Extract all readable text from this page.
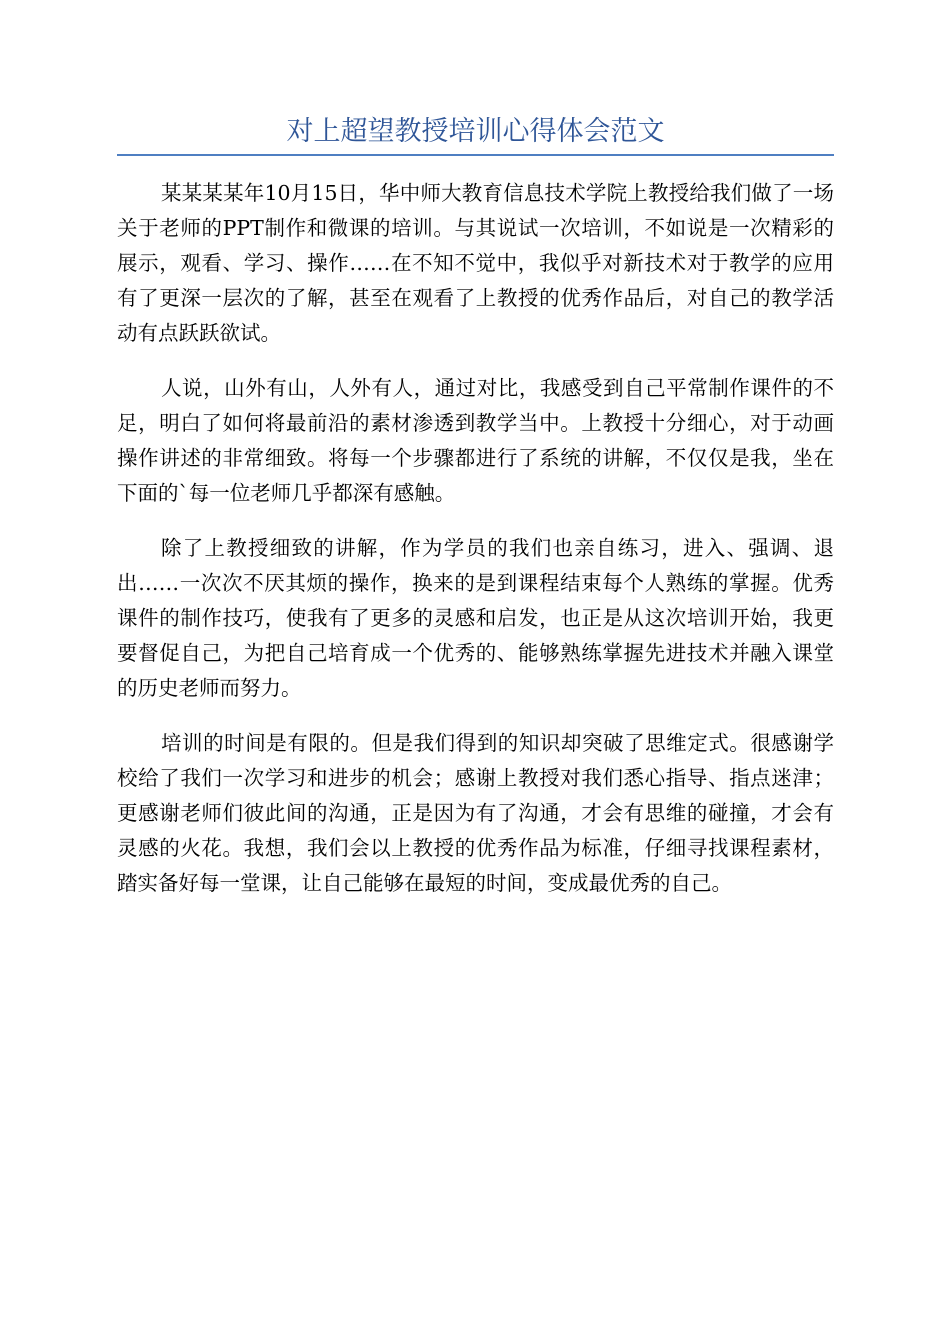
对上超望教授培训心得体会范文

某某某某年10月15日，华中师大教育信息技术学院上教授给我们做了一场关于老师的PPT制作和微课的培训。与其说试一次培训，不如说是一次精彩的展示，观看、学习、操作……在不知不觉中，我似乎对新技术对于教学的应用有了更深一层次的了解，甚至在观看了上教授的优秀作品后，对自己的教学活动有点跃跃欲试。

人说，山外有山，人外有人，通过对比，我感受到自己平常制作课件的不足，明白了如何将最前沿的素材渗透到教学当中。上教授十分细心，对于动画操作讲述的非常细致。将每一个步骤都进行了系统的讲解，不仅仅是我，坐在下面的`每一位老师几乎都深有感触。

除了上教授细致的讲解，作为学员的我们也亲自练习，进入、强调、退出……一次次不厌其烦的操作，换来的是到课程结束每个人熟练的掌握。优秀课件的制作技巧，使我有了更多的灵感和启发，也正是从这次培训开始，我更要督促自己，为把自己培育成一个优秀的、能够熟练掌握先进技术并融入课堂的历史老师而努力。

培训的时间是有限的。但是我们得到的知识却突破了思维定式。很感谢学校给了我们一次学习和进步的机会；感谢上教授对我们悉心指导、指点迷津；更感谢老师们彼此间的沟通，正是因为有了沟通，才会有思维的碰撞，才会有灵感的火花。我想，我们会以上教授的优秀作品为标准，仔细寻找课程素材，踏实备好每一堂课，让自己能够在最短的时间，变成最优秀的自己。
